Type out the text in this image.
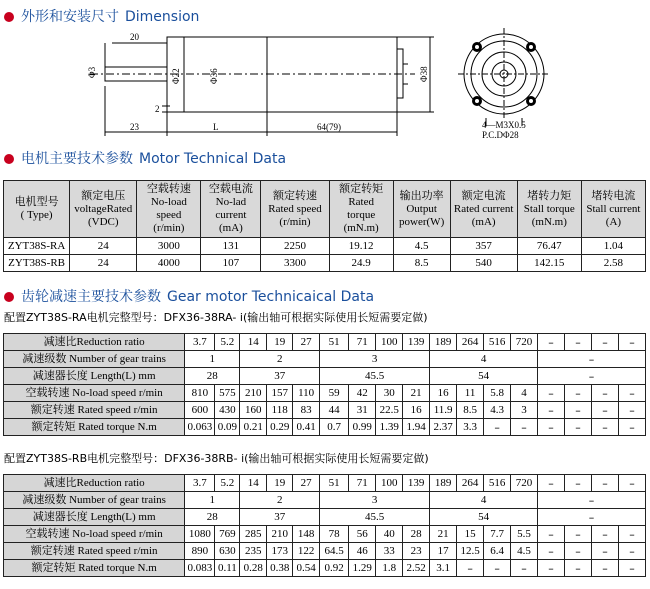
外形和安装尺寸 Dimension
20
Φ3	Φ22	Φ36	Φ38
2
23	L	64(79)	4—M3X0.5
P.C.DΦ28
电机主要技术参数 Motor Technical Data
电机型号
( Type)	额定电压
voltageRated
(VDC)	空载转速
No-load
speed
(r/min)	空载电流
No-lad
current
(mA)	额定转速
Rated speed
(r/min)	额定转矩
Rated
torque
(mN.m)	输出功率
Output
power(W)	额定电流
Rated current
(mA)	堵转力矩
Stall torque
(mN.m)	堵转电流
Stall current
(A)
ZYT38S-RA	24	3000	131	2250	19.12	4.5	357	76.47	1.04
ZYT38S-RB	24	4000	107	3300	24.9	8.5	540	142.15	2.58
齿轮减速主要技术参数 Gear motor Technicaical Data
配置ZYT38S-RA电机完整型号：DFX36-38RA- i(输出轴可根据实际使用长短需要定做)
减速比Reduction ratio	3.7	5.2	14	19	27	51	71	100	139	189	264	516	720	–	–	–	–
减速级数 Number of gear trains	1		2			3				4				–			
减速器长度 Length(L) mm	28		37			45.5				54				–			
空载转速 No-load speed r/min	810	575	210	157	110	59	42	30	21	16	11	5.8	4	–	–	–	–
额定转速 Rated speed r/min	600	430	160	118	83	44	31	22.5	16	11.9	8.5	4.3	3	–	–	–	–
额定转矩 Rated torque N.m	0.063	0.09	0.21	0.29	0.41	0.7	0.99	1.39	1.94	2.37	3.3	–	–	–	–	–	–
配置ZYT38S-RB电机完整型号：DFX36-38RB- i(输出轴可根据实际使用长短需要定做)
减速比Reduction ratio	3.7	5.2	14	19	27	51	71	100	139	189	264	516	720	–	–	–	–
减速级数 Number of gear trains	1		2			3				4				–			
减速器长度 Length(L) mm	28		37			45.5				54				–			
空载转速 No-load speed r/min	1080	769	285	210	148	78	56	40	28	21	15	7.7	5.5	–	–	–	–
额定转速 Rated speed r/min	890	630	235	173	122	64.5	46	33	23	17	12.5	6.4	4.5	–	–	–	–
额定转矩 Rated torque N.m	0.083	0.11	0.28	0.38	0.54	0.92	1.29	1.8	2.52	3.1	–	–	–	–	–	–	–
